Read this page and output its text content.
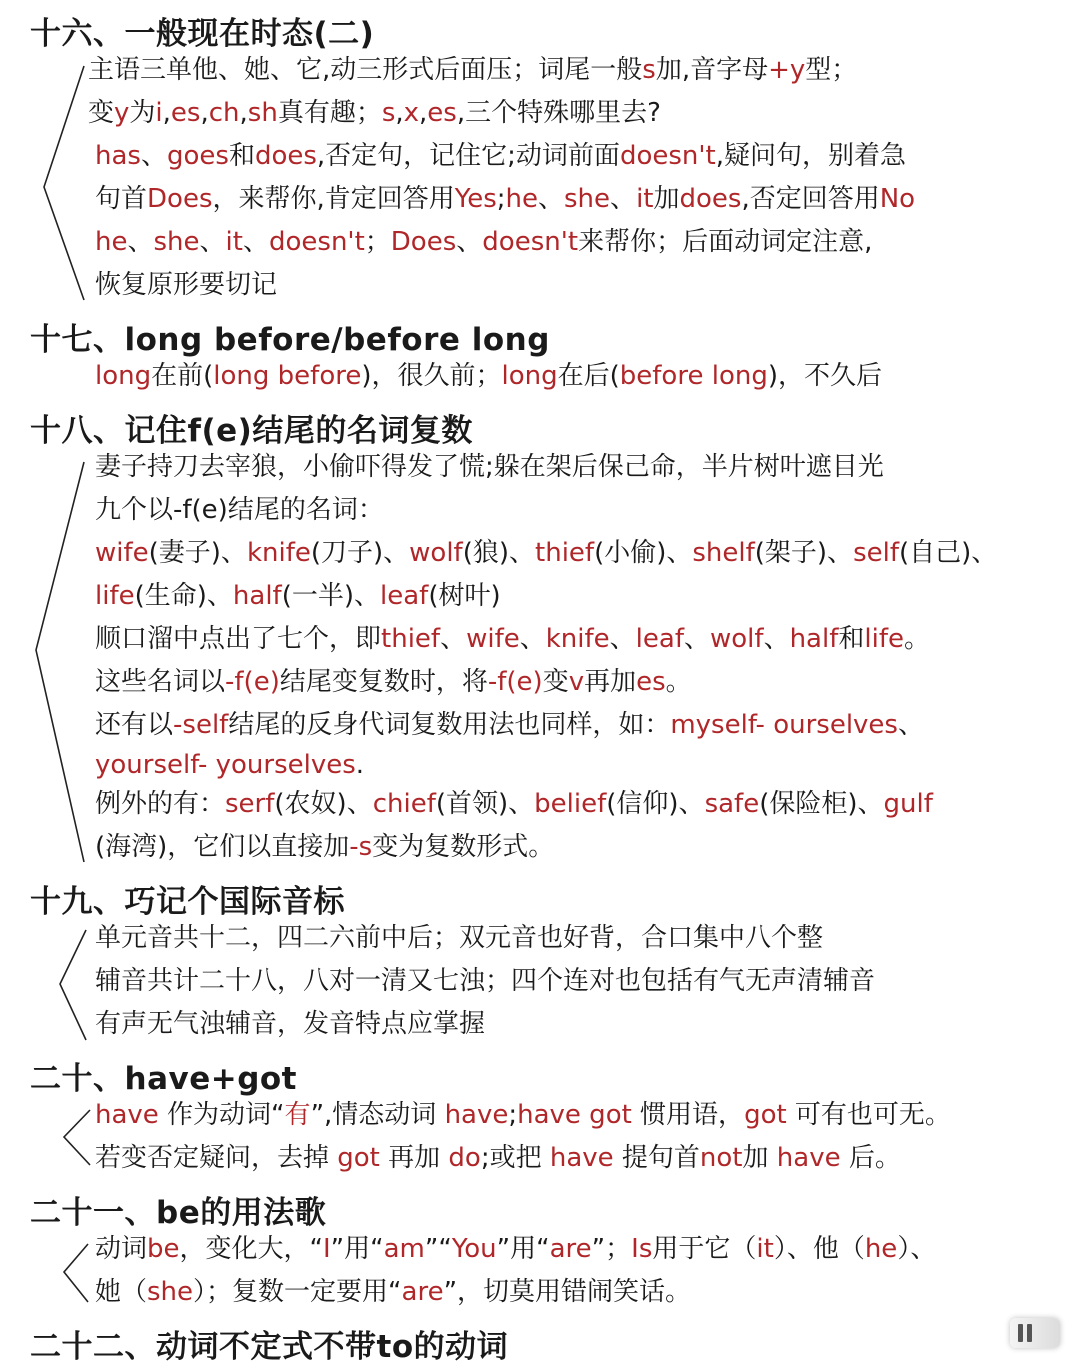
十六、一般现在时态(二)
主语三单他、她、它,动三形式后面压；词尾一般s加,音字母+y型；
变y为i,es,ch,sh真有趣；s,x,es,三个特殊哪里去?
has、goes和does,否定句，记住它;动词前面doesn't,疑问句，别着急
句首Does，来帮你,肯定回答用Yes;he、she、it加does,否定回答用No
he、she、it、doesn't；Does、doesn't来帮你；后面动词定注意,
恢复原形要切记
十七、long before/before long
long在前(long before)，很久前；long在后(before long)，不久后
十八、记住f(e)结尾的名词复数
妻子持刀去宰狼，小偷吓得发了慌;躲在架后保己命，半片树叶遮目光
九个以-f(e)结尾的名词：
wife(妻子)、knife(刀子)、wolf(狼)、thief(小偷)、shelf(架子)、self(自己)、
life(生命)、half(一半)、leaf(树叶)
顺口溜中点出了七个，即thief、wife、knife、leaf、wolf、half和life。
这些名词以-f(e)结尾变复数时，将-f(e)变v再加es。
还有以-self结尾的反身代词复数用法也同样，如：myself- ourselves、
yourself- yourselves.
例外的有：serf(农奴)、chief(首领)、belief(信仰)、safe(保险柜)、gulf
(海湾)，它们以直接加-s变为复数形式。
十九、巧记个国际音标
单元音共十二，四二六前中后；双元音也好背，合口集中八个整
辅音共计二十八，八对一清又七浊；四个连对也包括有气无声清辅音
有声无气浊辅音，发音特点应掌握
二十、have+got
have 作为动词“有”,情态动词 have;have got 惯用语，got 可有也可无。
若变否定疑问，去掉 got 再加 do;或把 have 提句首not加 have 后。
二十一、be的用法歌
动词be，变化大，“I”用“am”“You”用“are”；Is用于它（it）、他（he）、
她（she）；复数一定要用“are”，切莫用错闹笑话。
二十二、动词不定式不带to的动词
